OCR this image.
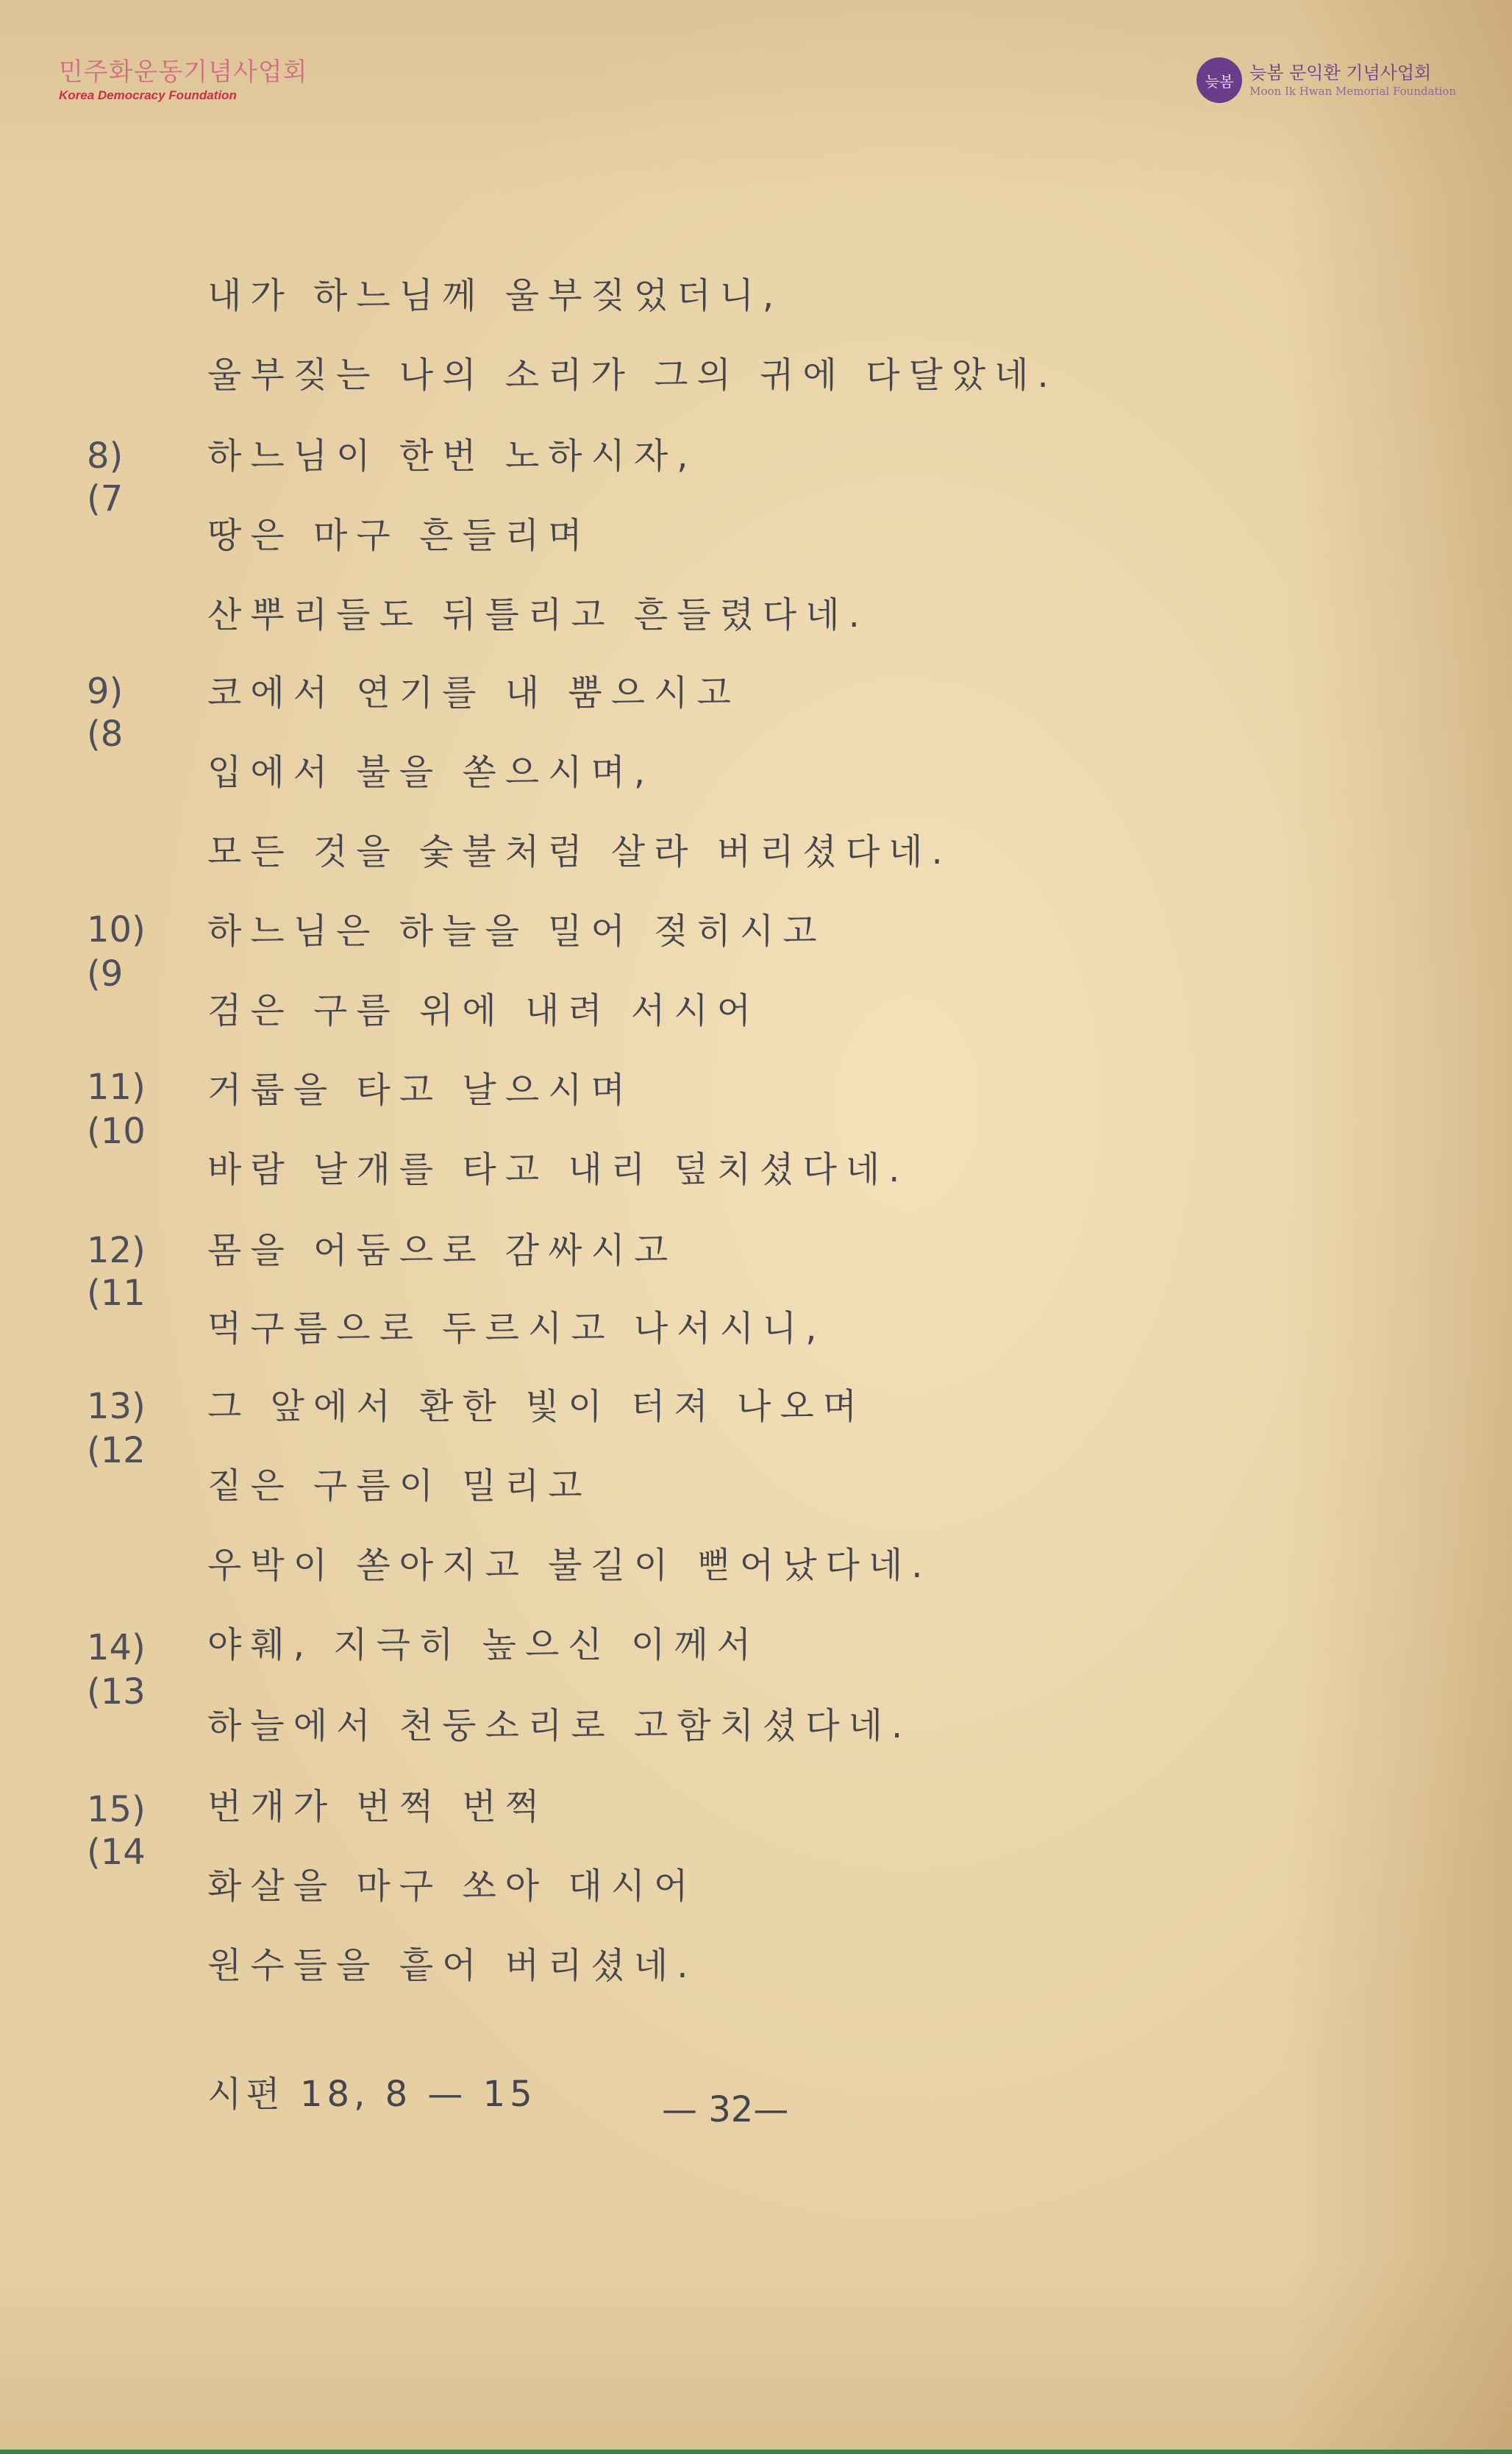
민주화운동기념사업회
Korea Democracy Foundation
늦봄 늦봄 문익환 기념사업회
Moon Ik Hwan Memorial Foundation
8)
(7
9)
(8
10)
(9
11)
(10
12)
(11
13)
(12
14)
(13
15)
(14
내가 하느님께 울부짖었더니,
울부짖는 나의 소리가 그의 귀에 다달았네.
하느님이 한번 노하시자,
땅은 마구 흔들리며
산뿌리들도 뒤틀리고 흔들렸다네.
코에서 연기를 내 뿜으시고
입에서 불을 쏟으시며,
모든 것을 숯불처럼 살라 버리셨다네.
하느님은 하늘을 밀어 젖히시고
검은 구름 위에 내려 서시어
거룹을 타고 날으시며
바람 날개를 타고 내리 덮치셨다네.
몸을 어둠으로 감싸시고
먹구름으로 두르시고 나서시니,
그 앞에서 환한 빛이 터져 나오며
짙은 구름이 밀리고
우박이 쏟아지고 불길이 뻗어났다네.
야훼, 지극히 높으신 이께서
하늘에서 천둥소리로 고함치셨다네.
번개가 번쩍 번쩍
화살을 마구 쏘아 대시어
원수들을 흩어 버리셨네.
시편 18, 8 — 15	— 32—
